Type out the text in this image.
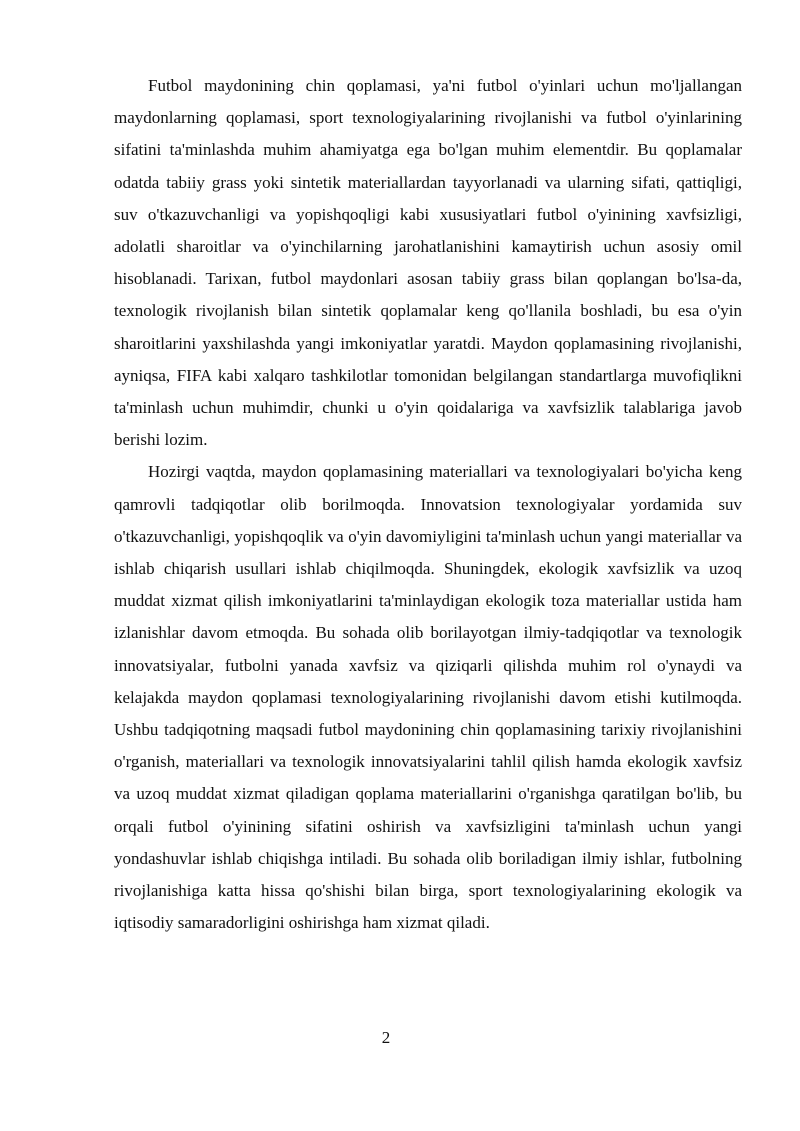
Futbol maydonining chin qoplamasi, ya'ni futbol o'yinlari uchun mo'ljallangan maydonlarning qoplamasi, sport texnologiyalarining rivojlanishi va futbol o'yinlarining sifatini ta'minlashda muhim ahamiyatga ega bo'lgan muhim elementdir. Bu qoplamalar odatda tabiiy grass yoki sintetik materiallardan tayyorlanadi va ularning sifati, qattiqligi, suv o'tkazuvchanligi va yopishqoqligi kabi xususiyatlari futbol o'yinining xavfsizligi, adolatli sharoitlar va o'yinchilarning jarohatlanishini kamaytirish uchun asosiy omil hisoblanadi. Tarixan, futbol maydonlari asosan tabiiy grass bilan qoplangan bo'lsa-da, texnologik rivojlanish bilan sintetik qoplamalar keng qo'llanila boshladi, bu esa o'yin sharoitlarini yaxshilashda yangi imkoniyatlar yaratdi. Maydon qoplamasining rivojlanishi, ayniqsa, FIFA kabi xalqaro tashkilotlar tomonidan belgilangan standartlarga muvofiqlikni ta'minlash uchun muhimdir, chunki u o'yin qoidalariga va xavfsizlik talablariga javob berishi lozim.

Hozirgi vaqtda, maydon qoplamasining materiallari va texnologiyalari bo'yicha keng qamrovli tadqiqotlar olib borilmoqda. Innovatsion texnologiyalar yordamida suv o'tkazuvchanligi, yopishqoqlik va o'yin davomiyligini ta'minlash uchun yangi materiallar va ishlab chiqarish usullari ishlab chiqilmoqda. Shuningdek, ekologik xavfsizlik va uzoq muddat xizmat qilish imkoniyatlarini ta'minlaydigan ekologik toza materiallar ustida ham izlanishlar davom etmoqda. Bu sohada olib borilayotgan ilmiy-tadqiqotlar va texnologik innovatsiyalar, futbolni yanada xavfsiz va qiziqarli qilishda muhim rol o'ynaydi va kelajakda maydon qoplamasi texnologiyalarining rivojlanishi davom etishi kutilmoqda. Ushbu tadqiqotning maqsadi futbol maydonining chin qoplamasining tarixiy rivojlanishini o'rganish, materiallari va texnologik innovatsiyalarini tahlil qilish hamda ekologik xavfsiz va uzoq muddat xizmat qiladigan qoplama materiallarini o'rganishga qaratilgan bo'lib, bu orqali futbol o'yinining sifatini oshirish va xavfsizligini ta'minlash uchun yangi yondashuvlar ishlab chiqishga intiladi. Bu sohada olib boriladigan ilmiy ishlar, futbolning rivojlanishiga katta hissa qo'shishi bilan birga, sport texnologiyalarining ekologik va iqtisodiy samaradorligini oshirishga ham xizmat qiladi.

2
